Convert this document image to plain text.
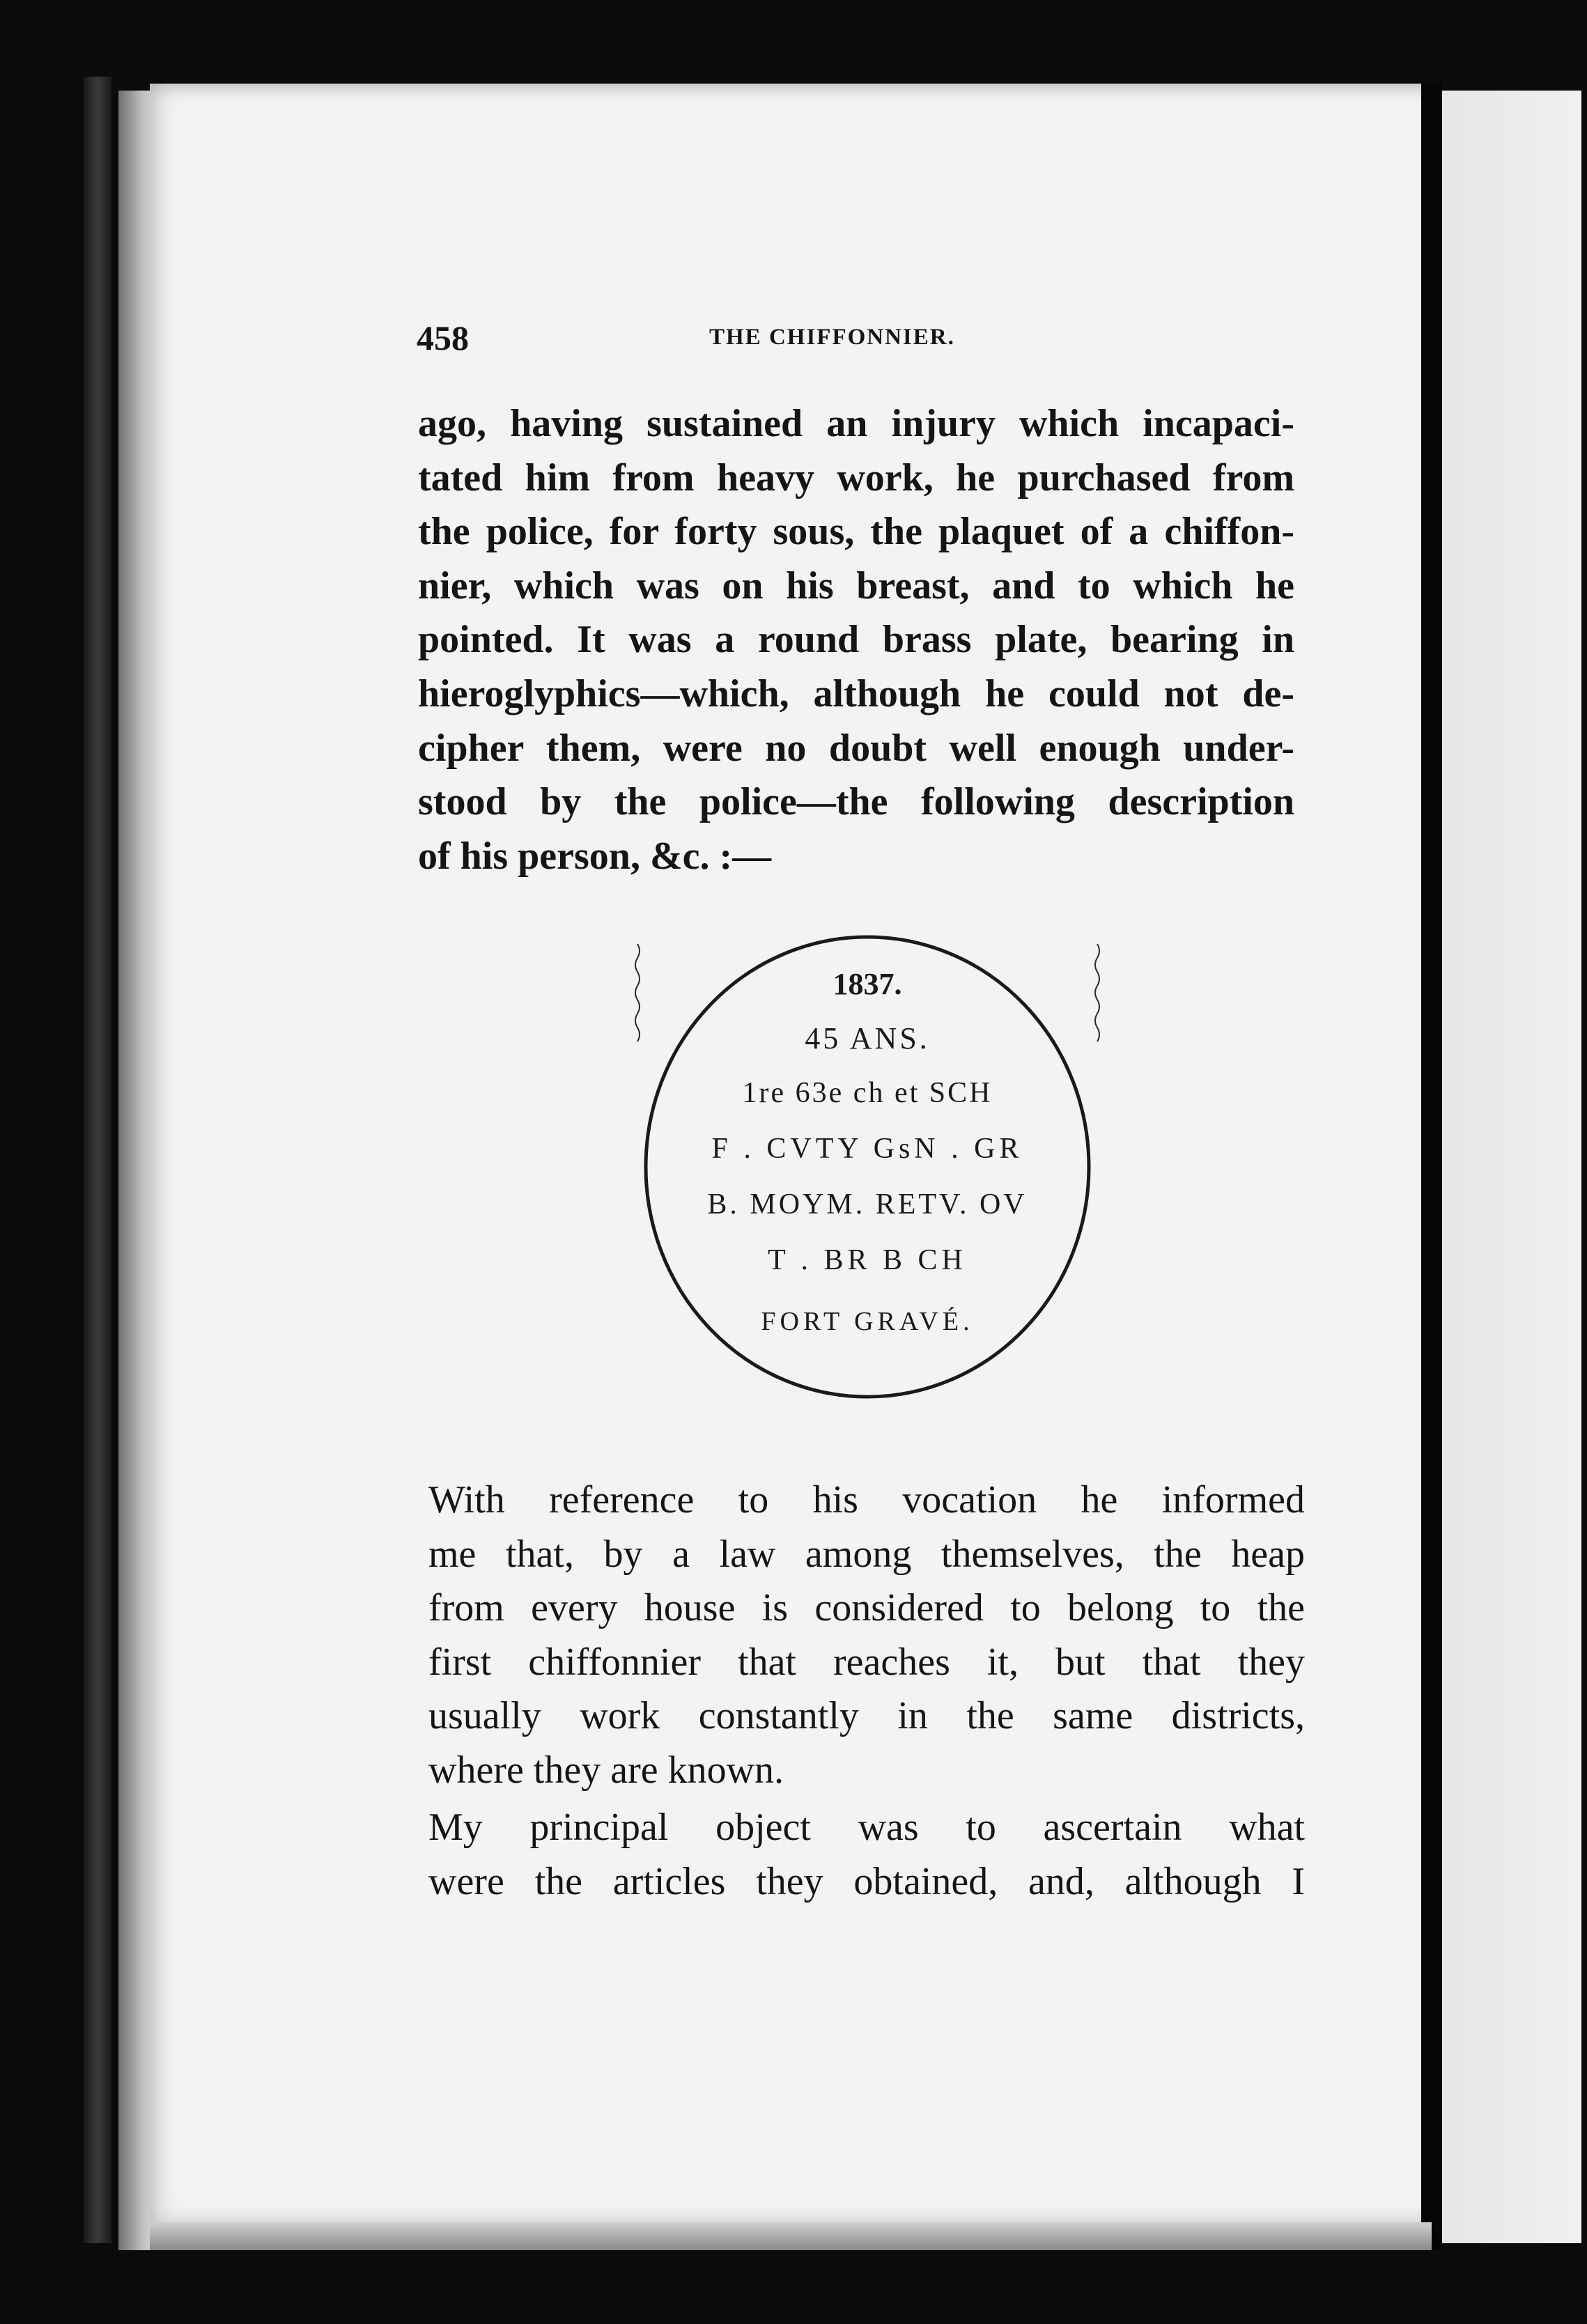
458	THE CHIFFONNIER.
ago, having sustained an injury which incapaci-
tated him from heavy work, he purchased from
the police, for forty sous, the plaquet of a chiffon-
nier, which was on his breast, and to which he
pointed. It was a round brass plate, bearing in
hieroglyphics—which, although he could not de-
cipher them, were no doubt well enough under-
stood by the police—the following description
of his person, &c. :—
1837.
45 ANS.
1re 63e ch et SCH
F . CVTY GsN . GR
B. MOYM. RETV. OV
T . BR B CH
FORT GRAVÉ.
With reference to his vocation he informed
me that, by a law among themselves, the heap
from every house is considered to belong to the
first chiffonnier that reaches it, but that they
usually work constantly in the same districts,
where they are known.
My principal object was to ascertain what
were the articles they obtained, and, although I
